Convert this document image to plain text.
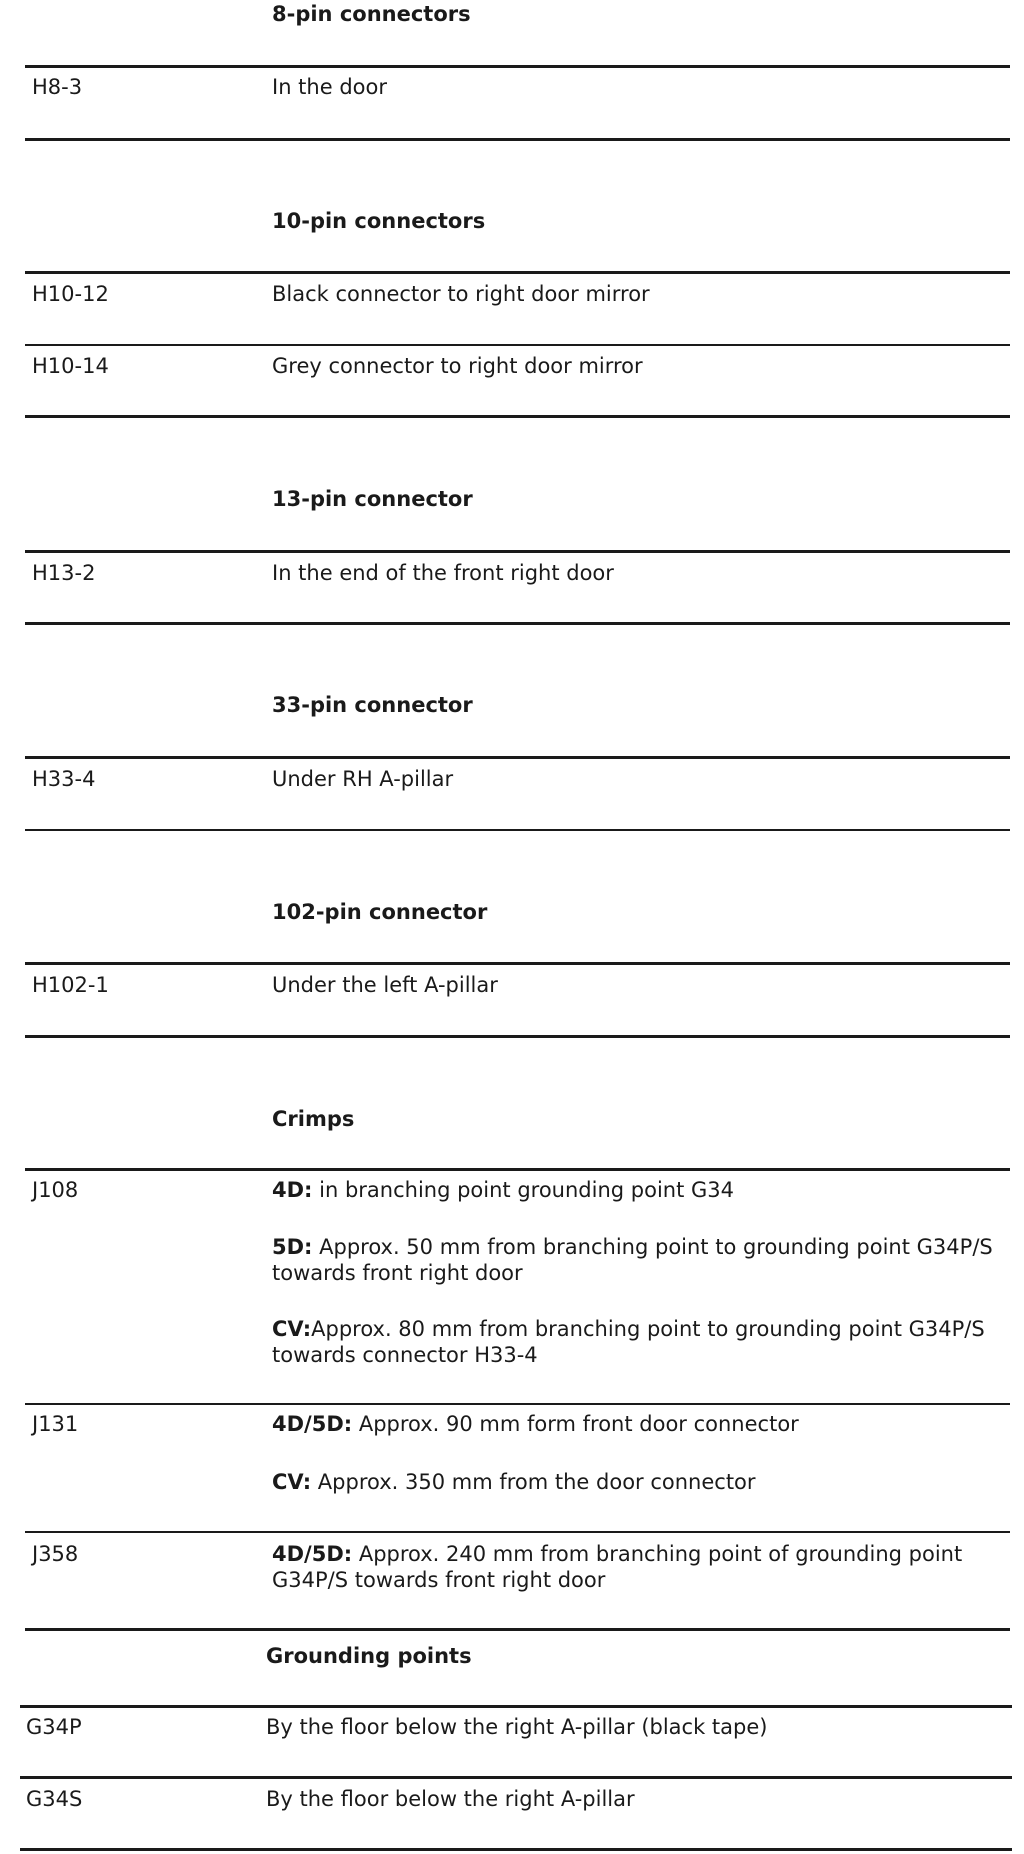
8-pin connectors
H8-3	In the door
10-pin connectors
H10-12	Black connector to right door mirror
H10-14	Grey connector to right door mirror
13-pin connector
H13-2	In the end of the front right door
33-pin connector
H33-4	Under RH A-pillar
102-pin connector
H102-1	Under the left A-pillar
Crimps
J108	4D: in branching point grounding point G34
5D: Approx. 50 mm from branching point to grounding point G34P/S towards front right door
CV:Approx. 80 mm from branching point to grounding point G34P/S towards connector H33-4
J131	4D/5D: Approx. 90 mm form front door connector
CV: Approx. 350 mm from the door connector
J358	4D/5D: Approx. 240 mm from branching point of grounding point G34P/S towards front right door
Grounding points
G34P	By the floor below the right A-pillar (black tape)
G34S	By the floor below the right A-pillar
